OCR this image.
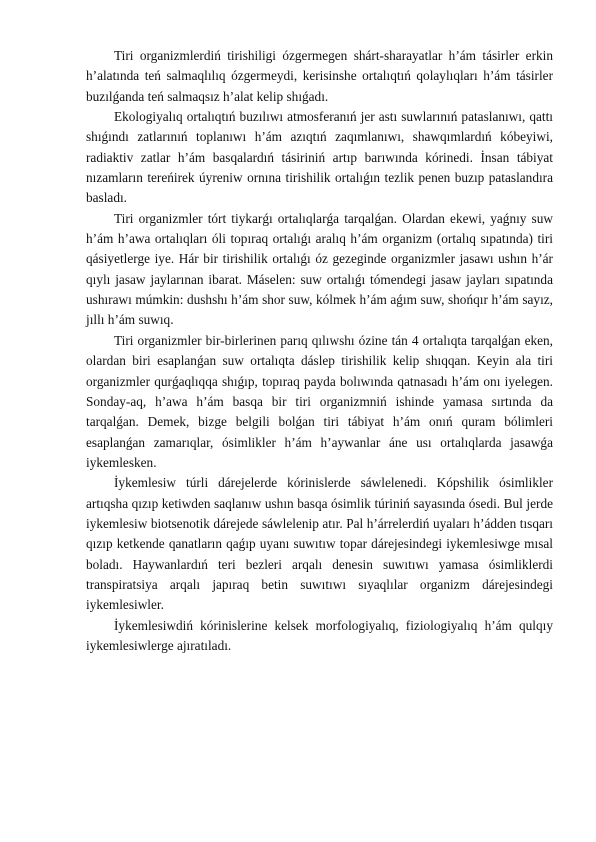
Tiri organizmlerdiń tirishiligi ózgermegen shárt-sharayatlar h’ám tásirler erkin h’alatında teń salmaqlılıq ózgermeydi, kerisinshe ortalıqtıń qolaylıqları h’ám tásirler buzılǵanda teń salmaqsız h’alat kelip shıǵadı.

Ekologiyalıq ortalıqtıń buzılıwı atmosferanıń jer astı suwlarınıń pataslanıwı, qattı shıǵındı zatlarınıń toplanıwı h’ám azıqtıń zaqımlanıwı, shawqımlardıń kóbeyiwi, radiaktiv zatlar h’ám basqalardıń tásiriniń artıp barıwında kórinedi. İnsan tábiyat nızamların tereńirek úyreniw ornına tirishilik ortalıǵın tezlik penen buzıp pataslandıra basladı.

Tiri organizmler tórt tiykarǵı ortalıqlarǵa tarqalǵan. Olardan ekewi, yaǵnıy suw h’ám h’awa ortalıqları óli topıraq ortalıǵı aralıq h’ám organizm (ortalıq sıpatında) tiri qásiyetlerge iye. Hár bir tirishilik ortalıǵı óz gezeginde organizmler jasawı ushın h’ár qıylı jasaw jaylarınan ibarat. Máselen: suw ortalıǵı tómendegi jasaw jayları sıpatında ushırawı múmkin: dushshı h’ám shor suw, kólmek h’ám aǵım suw, shońqır h’ám sayız, jıllı h’ám suwıq.

Tiri organizmler bir-birlerinen parıq qılıwshı ózine tán 4 ortalıqta tarqalǵan eken, olardan biri esaplanǵan suw ortalıqta dáslep tirishilik kelip shıqqan. Keyin ala tiri organizmler qurǵaqlıqqa shıǵıp, topıraq payda bolıwında qatnasadı h’ám onı iyelegen. Sonday-aq, h’awa h’ám basqa bir tiri organizmniń ishinde yamasa sırtında da tarqalǵan. Demek, bizge belgili bolǵan tiri tábiyat h’ám onıń quram bólimleri esaplanǵan zamarıqlar, ósimlikler h’ám h’aywanlar áne usı ortalıqlarda jasawǵa iykemlesken.

İykemlesiw túrli dárejelerde kórinislerde sáwlelenedi. Kópshilik ósimlikler artıqsha qızıp ketiwden saqlanıw ushın basqa ósimlik túriniń sayasında ósedi. Bul jerde iykemlesiw biotsenotik dárejede sáwlelenip atır. Pal h’árrelerdiń uyaları h’ádden tısqarı qızıp ketkende qanatların qaǵıp uyanı suwıtıw topar dárejesindegi iykemlesiwge mısal boladı. Haywanlardıń teri bezleri arqalı denesin suwıtıwı yamasa ósimliklerdi transpiratsiya arqalı japıraq betin suwıtıwı sıyaqlılar organizm dárejesindegi iykemlesiwler.

İykemlesiwdiń kórinislerine kelsek morfologiyalıq, fiziologiyalıq h’ám qulqıy iykemlesiwlerge ajıratıladı.
